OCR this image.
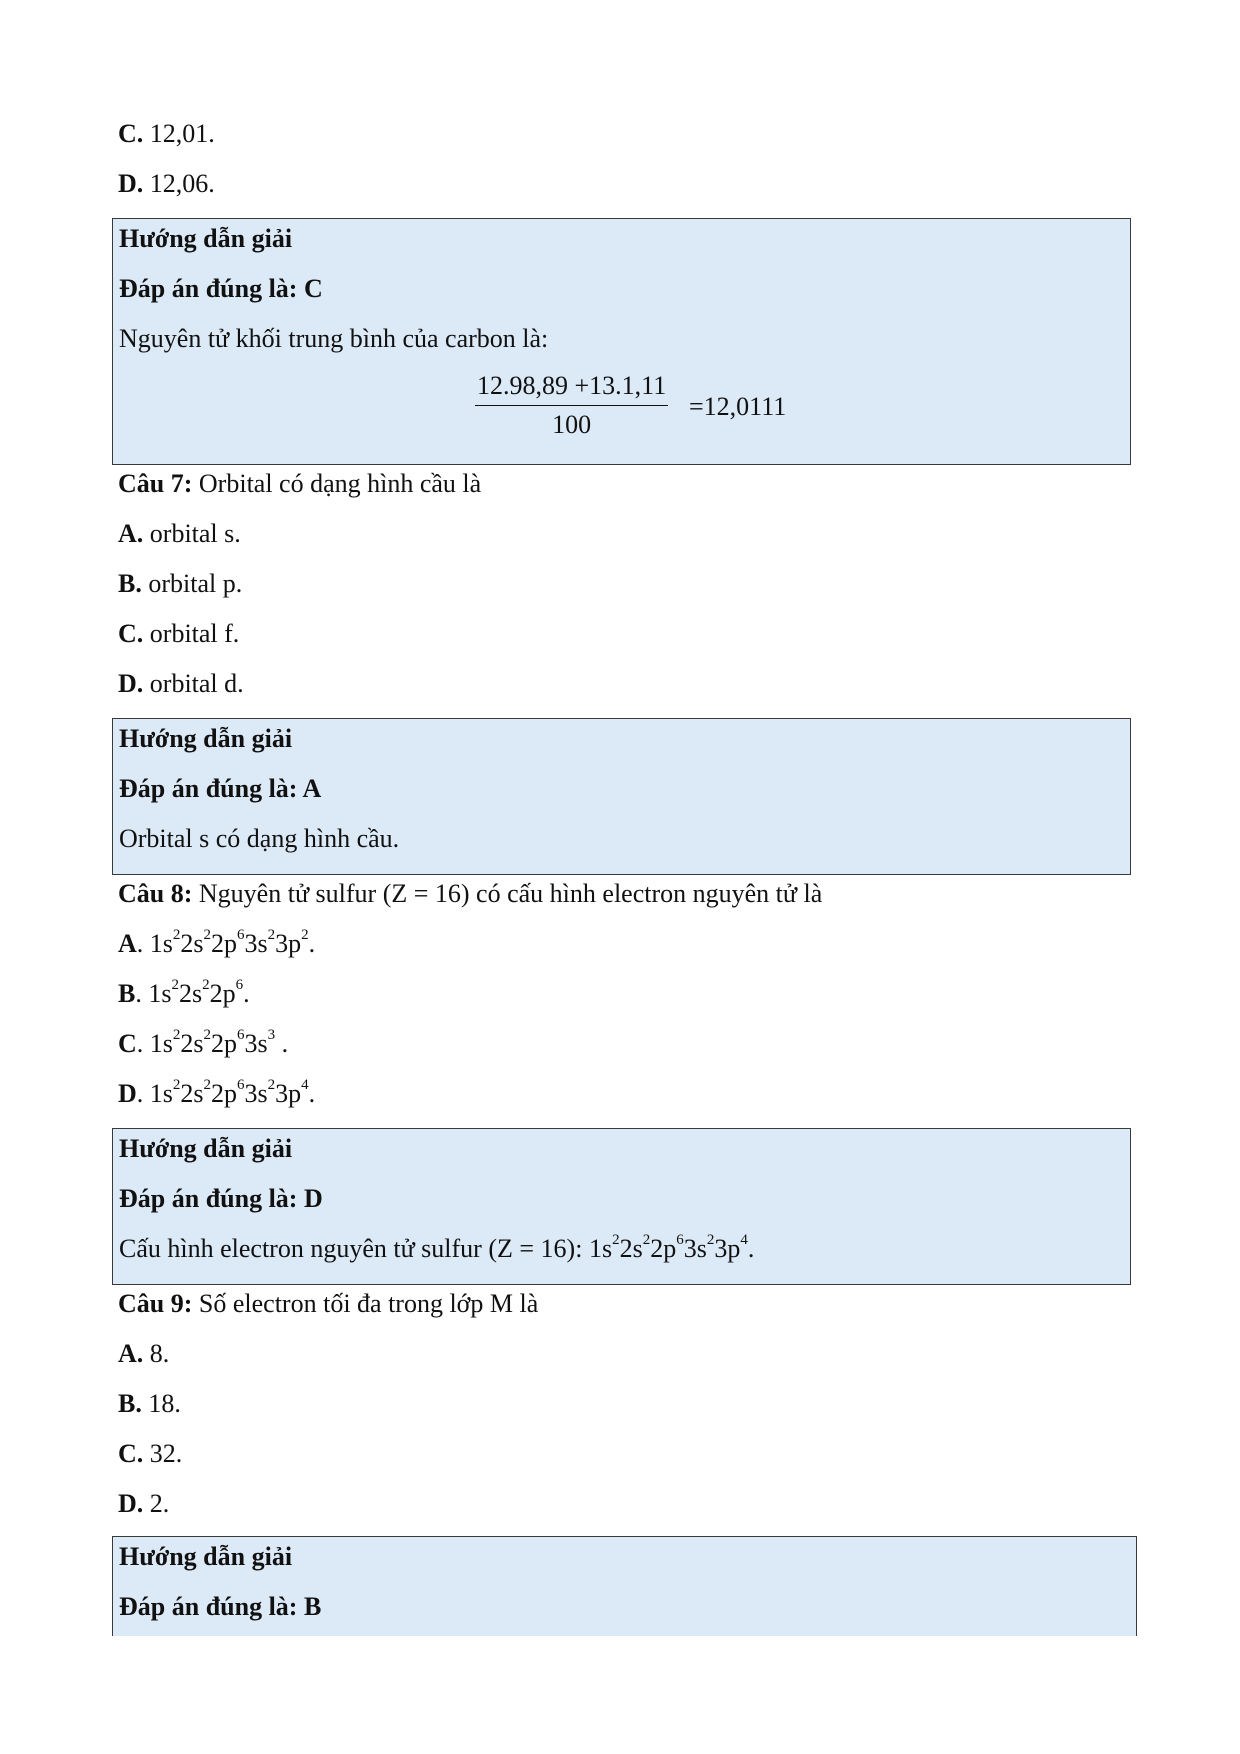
C. 12,01.
D. 12,06.
Hướng dẫn giải
Đáp án đúng là: C
Nguyên tử khối trung bình của carbon là:
$\frac{12.98,89 +13.1,11}{100} =12,0111$
Câu 7: Orbital có dạng hình cầu là
A. orbital s.
B. orbital p.
C. orbital f.
D. orbital d.
Hướng dẫn giải
Đáp án đúng là: A
Orbital s có dạng hình cầu.
Câu 8: Nguyên tử sulfur (Z = 16) có cấu hình electron nguyên tử là
A. $1s^22s^22p^63s^23p^2$.
B. $1s^22s^22p^6$.
C. $1s^22s^22p^63s^3$ .
D. $1s^22s^22p^63s^23p^4$.
Hướng dẫn giải
Đáp án đúng là: D
Cấu hình electron nguyên tử sulfur (Z = 16): $1s^22s^22p^63s^23p^4$.
Câu 9: Số electron tối đa trong lớp M là
A. 8.
B. 18.
C. 32.
D. 2.
Hướng dẫn giải
Đáp án đúng là: B
